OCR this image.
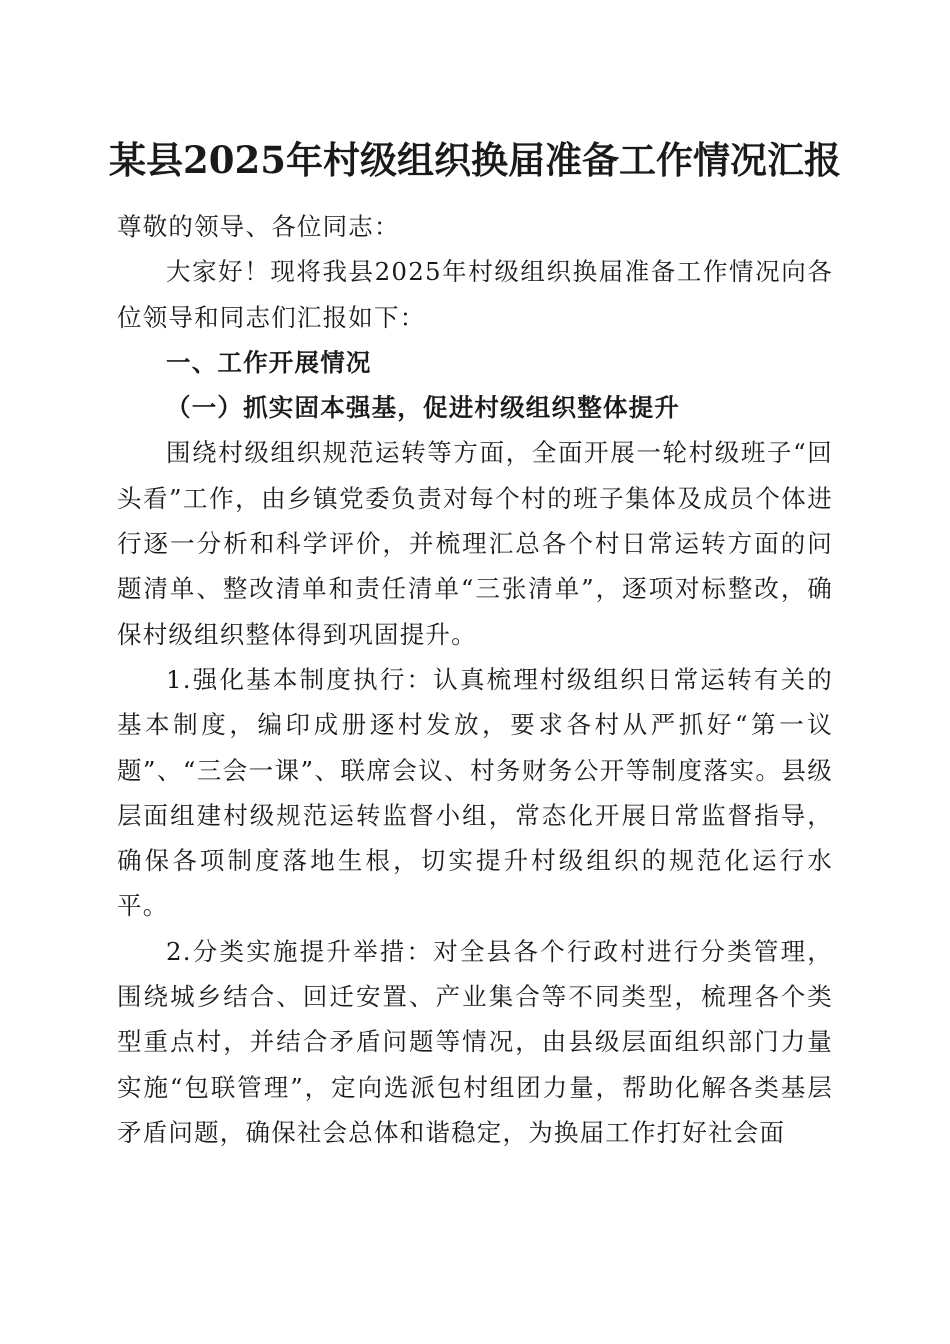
某县2025年村级组织换届准备工作情况汇报

尊敬的领导、各位同志：

大家好！现将我县2025年村级组织换届准备工作情况向各位领导和同志们汇报如下：

一、工作开展情况

（一）抓实固本强基，促进村级组织整体提升

围绕村级组织规范运转等方面，全面开展一轮村级班子“回头看”工作，由乡镇党委负责对每个村的班子集体及成员个体进行逐一分析和科学评价，并梳理汇总各个村日常运转方面的问题清单、整改清单和责任清单“三张清单”，逐项对标整改，确保村级组织整体得到巩固提升。

1.强化基本制度执行：认真梳理村级组织日常运转有关的基本制度，编印成册逐村发放，要求各村从严抓好“第一议题”、“三会一课”、联席会议、村务财务公开等制度落实。县级层面组建村级规范运转监督小组，常态化开展日常监督指导，确保各项制度落地生根，切实提升村级组织的规范化运行水平。

2.分类实施提升举措：对全县各个行政村进行分类管理，围绕城乡结合、回迁安置、产业集合等不同类型，梳理各个类型重点村，并结合矛盾问题等情况，由县级层面组织部门力量实施“包联管理”，定向选派包村组团力量，帮助化解各类基层矛盾问题，确保社会总体和谐稳定，为换届工作打好社会面
